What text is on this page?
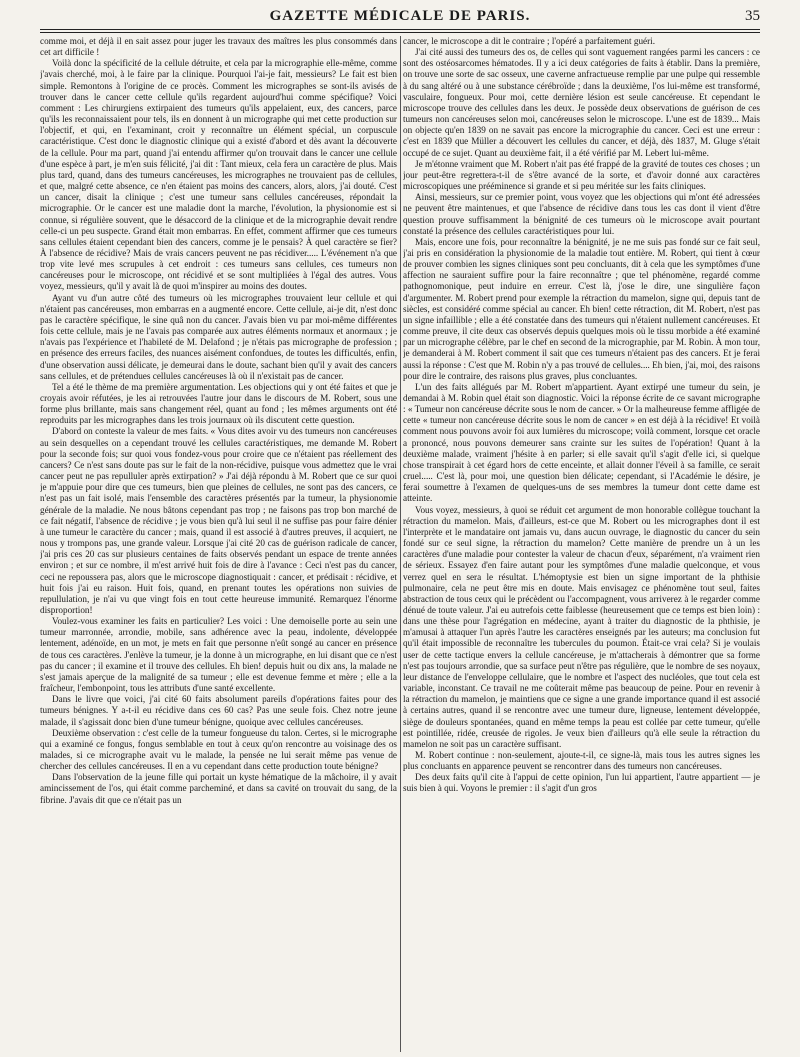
GAZETTE MÉDICALE DE PARIS.	35

comme moi, et déjà il en sait assez pour juger les travaux des maîtres les plus consommés dans cet art difficile !

Voilà donc la spécificité de la cellule détruite, et cela par la micrographie elle-même, comme j'avais cherché, moi, à le faire par la clinique. Pourquoi l'ai-je fait, messieurs? Le fait est bien simple. Remontons à l'origine de ce procès. Comment les micrographes se sont-ils avisés de trouver dans le cancer cette cellule qu'ils regardent aujourd'hui comme spécifique? Voici comment : Les chirurgiens extirpaient des tumeurs qu'ils appelaient, eux, des cancers, parce qu'ils les reconnaissaient pour tels, ils en donnent à un micrographe qui met cette production sur l'objectif, et qui, en l'examinant, croit y reconnaître un élément spécial, un corpuscule caractéristique. C'est donc le diagnostic clinique qui a existé d'abord et dès avant la découverte de la cellule. Pour ma part, quand j'ai entendu affirmer qu'on trouvait dans le cancer une cellule d'une espèce à part, je m'en suis félicité, j'ai dit : Tant mieux, cela fera un caractère de plus. Mais plus tard, quand, dans des tumeurs cancéreuses, les micrographes ne trouvaient pas de cellules, et que, malgré cette absence, ce n'en étaient pas moins des cancers, alors, alors, j'ai douté. C'est un cancer, disait la clinique ; c'est une tumeur sans cellules cancéreuses, répondait la micrographie. Or le cancer est une maladie dont la marche, l'évolution, la physionomie est si connue, si régulière souvent, que le désaccord de la clinique et de la micrographie devait rendre celle-ci un peu suspecte. Grand était mon embarras. En effet, comment affirmer que ces tumeurs sans cellules étaient cependant bien des cancers, comme je le pensais? À quel caractère se fier? À l'absence de récidive? Mais de vrais cancers peuvent ne pas récidiver..... L'événement n'a que trop vite levé mes scrupules à cet endroit : ces tumeurs sans cellules, ces tumeurs non cancéreuses pour le microscope, ont récidivé et se sont multipliées à l'égal des autres. Vous voyez, messieurs, qu'il y avait là de quoi m'inspirer au moins des doutes.

Ayant vu d'un autre côté des tumeurs où les micrographes trouvaient leur cellule et qui n'étaient pas cancéreuses, mon embarras en a augmenté encore. Cette cellule, ai-je dit, n'est donc pas le caractère spécifique, le sine quâ non du cancer. J'avais bien vu par moi-même différentes fois cette cellule, mais je ne l'avais pas comparée aux autres éléments normaux et anormaux ; je n'avais pas l'expérience et l'habileté de M. Delafond ; je n'étais pas micrographe de profession ; en présence des erreurs faciles, des nuances aisément confondues, de toutes les difficultés, enfin, d'une observation aussi délicate, je demeurai dans le doute, sachant bien qu'il y avait des cancers sans cellules, et de prétendues cellules cancéreuses là où il n'existait pas de cancer.

Tel a été le thème de ma première argumentation. Les objections qui y ont été faites et que je croyais avoir réfutées, je les ai retrouvées l'autre jour dans le discours de M. Robert, sous une forme plus brillante, mais sans changement réel, quant au fond ; les mêmes arguments ont été reproduits par les micrographes dans les trois journaux où ils discutent cette question.

D'abord on conteste la valeur de mes faits. « Vous dites avoir vu des tumeurs non cancéreuses au sein desquelles on a cependant trouvé les cellules caractéristiques, me demande M. Robert pour la seconde fois; sur quoi vous fondez-vous pour croire que ce n'étaient pas réellement des cancers? Ce n'est sans doute pas sur le fait de la non-récidive, puisque vous admettez que le vrai cancer peut ne pas repulluler après extirpation? » J'ai déjà répondu à M. Robert que ce sur quoi je m'appuie pour dire que ces tumeurs, bien que pleines de cellules, ne sont pas des cancers, ce n'est pas un fait isolé, mais l'ensemble des caractères présentés par la tumeur, la physionomie générale de la maladie. Ne nous bâtons cependant pas trop ; ne faisons pas trop bon marché de ce fait négatif, l'absence de récidive ; je vous bien qu'à lui seul il ne suffise pas pour faire dénier à une tumeur le caractère du cancer ; mais, quand il est associé à d'autres preuves, il acquiert, ne nous y trompons pas, une grande valeur. Lorsque j'ai cité 20 cas de guérison radicale de cancer, j'ai pris ces 20 cas sur plusieurs centaines de faits observés pendant un espace de trente années environ ; et sur ce nombre, il m'est arrivé huit fois de dire à l'avance : Ceci n'est pas du cancer, ceci ne repoussera pas, alors que le microscope diagnostiquait : cancer, et prédisait : récidive, et huit fois j'ai eu raison. Huit fois, quand, en prenant toutes les opérations non suivies de repullulation, je n'ai vu que vingt fois en tout cette heureuse immunité. Remarquez l'énorme disproportion!

Voulez-vous examiner les faits en particulier? Les voici : Une demoiselle porte au sein une tumeur marronnée, arrondie, mobile, sans adhérence avec la peau, indolente, développée lentement, adénoïde, en un mot, je mets en fait que personne n'eût songé au cancer en présence de tous ces caractères. J'enlève la tumeur, je la donne à un micrographe, en lui disant que ce n'est pas du cancer ; il examine et il trouve des cellules. Eh bien! depuis huit ou dix ans, la malade ne s'est jamais aperçue de la malignité de sa tumeur ; elle est devenue femme et mère ; elle a la fraîcheur, l'embonpoint, tous les attributs d'une santé excellente.

Dans le livre que voici, j'ai cité 60 faits absolument pareils d'opérations faites pour des tumeurs bénignes. Y a-t-il eu récidive dans ces 60 cas? Pas une seule fois. Chez notre jeune malade, il s'agissait donc bien d'une tumeur bénigne, quoique avec cellules cancéreuses.

Deuxième observation : c'est celle de la tumeur fongueuse du talon. Certes, si le micrographe qui a examiné ce fongus, fongus semblable en tout à ceux qu'on rencontre au voisinage des os malades, si ce micrographe avait vu le malade, la pensée ne lui serait même pas venue de chercher des cellules cancéreuses. Il en a vu cependant dans cette production toute bénigne?

Dans l'observation de la jeune fille qui portait un kyste hématique de la mâchoire, il y avait amincissement de l'os, qui était comme parcheminé, et dans sa cavité on trouvait du sang, de la fibrine. J'avais dit que ce n'était pas un

cancer, le microscope a dit le contraire ; l'opéré a parfaitement guéri.

J'ai cité aussi des tumeurs des os, de celles qui sont vaguement rangées parmi les cancers : ce sont des ostéosarcomes hématodes. Il y a ici deux catégories de faits à établir. Dans la première, on trouve une sorte de sac osseux, une caverne anfractueuse remplie par une pulpe qui ressemble à du sang altéré ou à une substance cérébroïde ; dans la deuxième, l'os lui-même est transformé, vasculaire, fongueux. Pour moi, cette dernière lésion est seule cancéreuse. Et cependant le microscope trouve des cellules dans les deux. Je possède deux observations de guérison de ces tumeurs non cancéreuses selon moi, cancéreuses selon le microscope. L'une est de 1839... Mais on objecte qu'en 1839 on ne savait pas encore la micrographie du cancer. Ceci est une erreur : c'est en 1839 que Müller a découvert les cellules du cancer, et déjà, dès 1837, M. Gluge s'était occupé de ce sujet. Quant au deuxième fait, il a été vérifié par M. Lebert lui-même.

Je m'étonne vraiment que M. Robert n'ait pas été frappé de la gravité de toutes ces choses ; un jour peut-être regrettera-t-il de s'être avancé de la sorte, et d'avoir donné aux caractères microscopiques une prééminence si grande et si peu méritée sur les faits cliniques.

Ainsi, messieurs, sur ce premier point, vous voyez que les objections qui m'ont été adressées ne peuvent être maintenues, et que l'absence de récidive dans tous les cas dont il vient d'être question prouve suffisamment la bénignité de ces tumeurs où le microscope avait pourtant constaté la présence des cellules caractéristiques pour lui.

Mais, encore une fois, pour reconnaître la bénignité, je ne me suis pas fondé sur ce fait seul, j'ai pris en considération la physionomie de la maladie tout entière. M. Robert, qui tient à cœur de prouver combien les signes cliniques sont peu concluants, dit à cela que les symptômes d'une affection ne sauraient suffire pour la faire reconnaître ; que tel phénomène, regardé comme pathognomonique, peut induire en erreur. C'est là, j'ose le dire, une singulière façon d'argumenter. M. Robert prend pour exemple la rétraction du mamelon, signe qui, depuis tant de siècles, est considéré comme spécial au cancer. Eh bien! cette rétraction, dit M. Robert, n'est pas un signe infaillible ; elle a été constatée dans des tumeurs qui n'étaient nullement cancéreuses. Et comme preuve, il cite deux cas observés depuis quelques mois où le tissu morbide a été examiné par un micrographe célèbre, par le chef en second de la micrographie, par M. Robin. À mon tour, je demanderai à M. Robert comment il sait que ces tumeurs n'étaient pas des cancers. Et je ferai aussi la réponse : C'est que M. Robin n'y a pas trouvé de cellules.... Eh bien, j'ai, moi, des raisons pour dire le contraire, des raisons plus graves, plus concluantes.

L'un des faits allégués par M. Robert m'appartient. Ayant extirpé une tumeur du sein, je demandai à M. Robin quel était son diagnostic. Voici la réponse écrite de ce savant micrographe : « Tumeur non cancéreuse décrite sous le nom de cancer. » Or la malheureuse femme affligée de cette « tumeur non cancéreuse décrite sous le nom de cancer » en est déjà à la récidive! Et voilà comment nous pouvons avoir foi aux lumières du microscope; voilà comment, lorsque cet oracle a prononcé, nous pouvons demeurer sans crainte sur les suites de l'opération! Quant à la deuxième malade, vraiment j'hésite à en parler; si elle savait qu'il s'agit d'elle ici, si quelque chose transpirait à cet égard hors de cette enceinte, et allait donner l'éveil à sa famille, ce serait cruel..... C'est là, pour moi, une question bien délicate; cependant, si l'Académie le désire, je ferai soumettre à l'examen de quelques-uns de ses membres la tumeur dont cette dame est atteinte.

Vous voyez, messieurs, à quoi se réduit cet argument de mon honorable collègue touchant la rétraction du mamelon. Mais, d'ailleurs, est-ce que M. Robert ou les micrographes dont il est l'interprète et le mandataire ont jamais vu, dans aucun ouvrage, le diagnostic du cancer du sein fondé sur ce seul signe, la rétraction du mamelon? Cette manière de prendre un à un les caractères d'une maladie pour contester la valeur de chacun d'eux, séparément, n'a vraiment rien de sérieux. Essayez d'en faire autant pour les symptômes d'une maladie quelconque, et vous verrez quel en sera le résultat. L'hémoptysie est bien un signe important de la phthisie pulmonaire, cela ne peut être mis en doute. Mais envisagez ce phénomène tout seul, faites abstraction de tous ceux qui le précèdent ou l'accompagnent, vous arriverez à le regarder comme dénué de toute valeur. J'ai eu autrefois cette faiblesse (heureusement que ce temps est bien loin) : dans une thèse pour l'agrégation en médecine, ayant à traiter du diagnostic de la phthisie, je m'amusai à attaquer l'un après l'autre les caractères enseignés par les auteurs; ma conclusion fut qu'il était impossible de reconnaître les tubercules du poumon. Était-ce vrai cela? Si je voulais user de cette tactique envers la cellule cancéreuse, je m'attacherais à démontrer que sa forme n'est pas toujours arrondie, que sa surface peut n'être pas régulière, que le nombre de ses noyaux, leur distance de l'enveloppe cellulaire, que le nombre et l'aspect des nucléoles, que tout cela est variable, inconstant. Ce travail ne me coûterait même pas beaucoup de peine. Pour en revenir à la rétraction du mamelon, je maintiens que ce signe a une grande importance quand il est associé à certains autres, quand il se rencontre avec une tumeur dure, ligneuse, lentement développée, siège de douleurs spontanées, quand en même temps la peau est collée par cette tumeur, qu'elle est pointillée, ridée, creusée de rigoles. Je veux bien d'ailleurs qu'à elle seule la rétraction du mamelon ne soit pas un caractère suffisant.

M. Robert continue : non-seulement, ajoute-t-il, ce signe-là, mais tous les autres signes les plus concluants en apparence peuvent se rencontrer dans des tumeurs non cancéreuses.

Des deux faits qu'il cite à l'appui de cette opinion, l'un lui appartient, l'autre appartient — je suis bien à qui. Voyons le premier : il s'agit d'un gros
